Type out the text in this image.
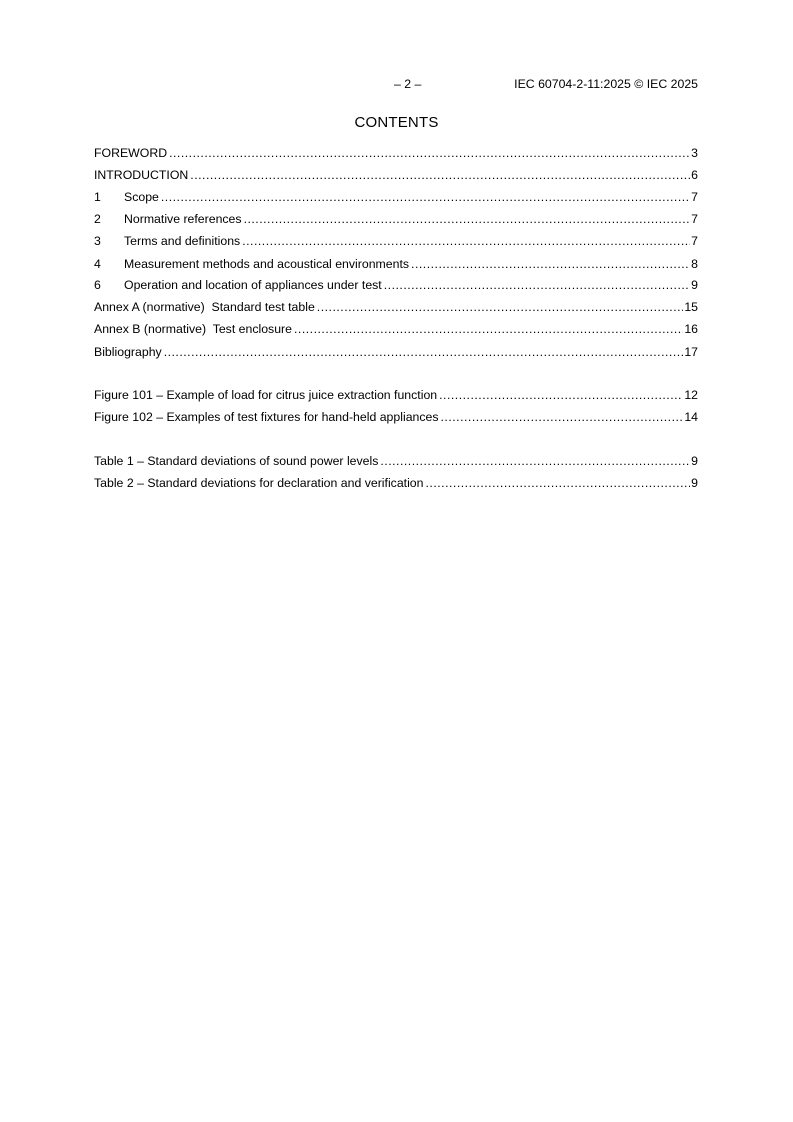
– 2 –	IEC 60704-2-11:2025 © IEC 2025
CONTENTS
FOREWORD .....	3
INTRODUCTION .....	6
1	Scope .....	7
2	Normative references .....	7
3	Terms and definitions .....	7
4	Measurement methods and acoustical environments .....	8
6	Operation and location of appliances under test .....	9
Annex A (normative)  Standard test table .....	15
Annex B (normative)  Test enclosure .....	16
Bibliography .....	17
Figure 101 – Example of load for citrus juice extraction function .....	12
Figure 102 – Examples of test fixtures for hand-held appliances .....	14
Table 1 – Standard deviations of sound power levels .....	9
Table 2 – Standard deviations for declaration and verification .....	9
